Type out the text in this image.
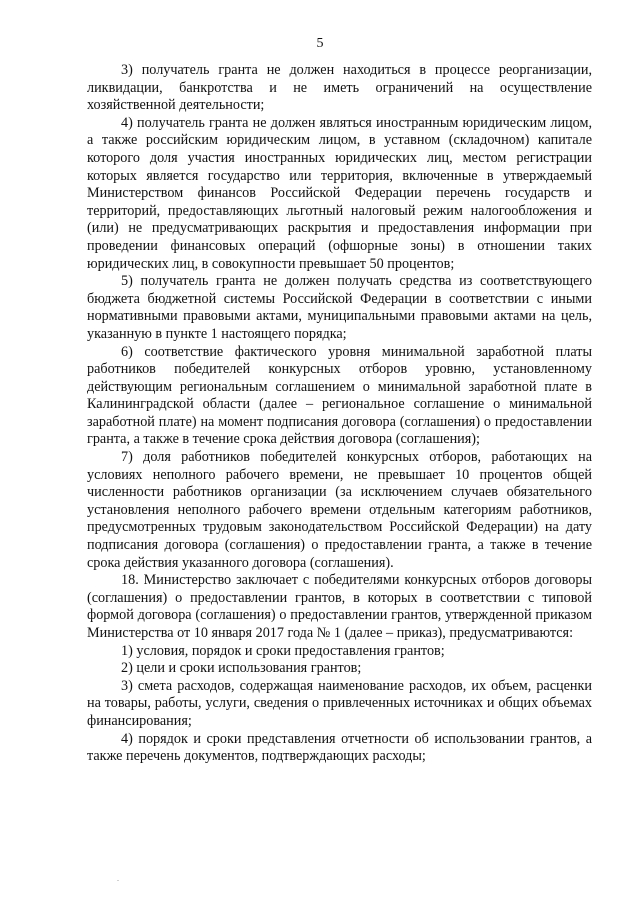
5

3) получатель гранта не должен находиться в процессе реорганизации, ликвидации, банкротства и не иметь ограничений на осуществление хозяйственной деятельности;

4) получатель гранта не должен являться иностранным юридическим лицом, а также российским юридическим лицом, в уставном (складочном) капитале которого доля участия иностранных юридических лиц, местом регистрации которых является государство или территория, включенные в утверждаемый Министерством финансов Российской Федерации перечень государств и территорий, предоставляющих льготный налоговый режим налогообложения и (или) не предусматривающих раскрытия и предоставления информации при проведении финансовых операций (офшорные зоны) в отношении таких юридических лиц, в совокупности превышает 50 процентов;

5) получатель гранта не должен получать средства из соответствующего бюджета бюджетной системы Российской Федерации в соответствии с иными нормативными правовыми актами, муниципальными правовыми актами на цель, указанную в пункте 1 настоящего порядка;

6) соответствие фактического уровня минимальной заработной платы работников победителей конкурсных отборов уровню, установленному действующим региональным соглашением о минимальной заработной плате в Калининградской области (далее – региональное соглашение о минимальной заработной плате) на момент подписания договора (соглашения) о предоставлении гранта, а также в течение срока действия договора (соглашения);

7) доля работников победителей конкурсных отборов, работающих на условиях неполного рабочего времени, не превышает 10 процентов общей численности работников организации (за исключением случаев обязательного установления неполного рабочего времени отдельным категориям работников, предусмотренных трудовым законодательством Российской Федерации) на дату подписания договора (соглашения) о предоставлении гранта, а также в течение срока действия указанного договора (соглашения).

18. Министерство заключает с победителями конкурсных отборов договоры (соглашения) о предоставлении грантов, в которых в соответствии с типовой формой договора (соглашения) о предоставлении грантов, утвержденной приказом Министерства от 10 января 2017 года № 1 (далее – приказ), предусматриваются:

1) условия, порядок и сроки предоставления грантов;

2) цели и сроки использования грантов;

3) смета расходов, содержащая наименование расходов, их объем, расценки на товары, работы, услуги, сведения о привлеченных источниках и общих объемах финансирования;

4) порядок и сроки представления отчетности об использовании грантов, а также перечень документов, подтверждающих расходы;

.
